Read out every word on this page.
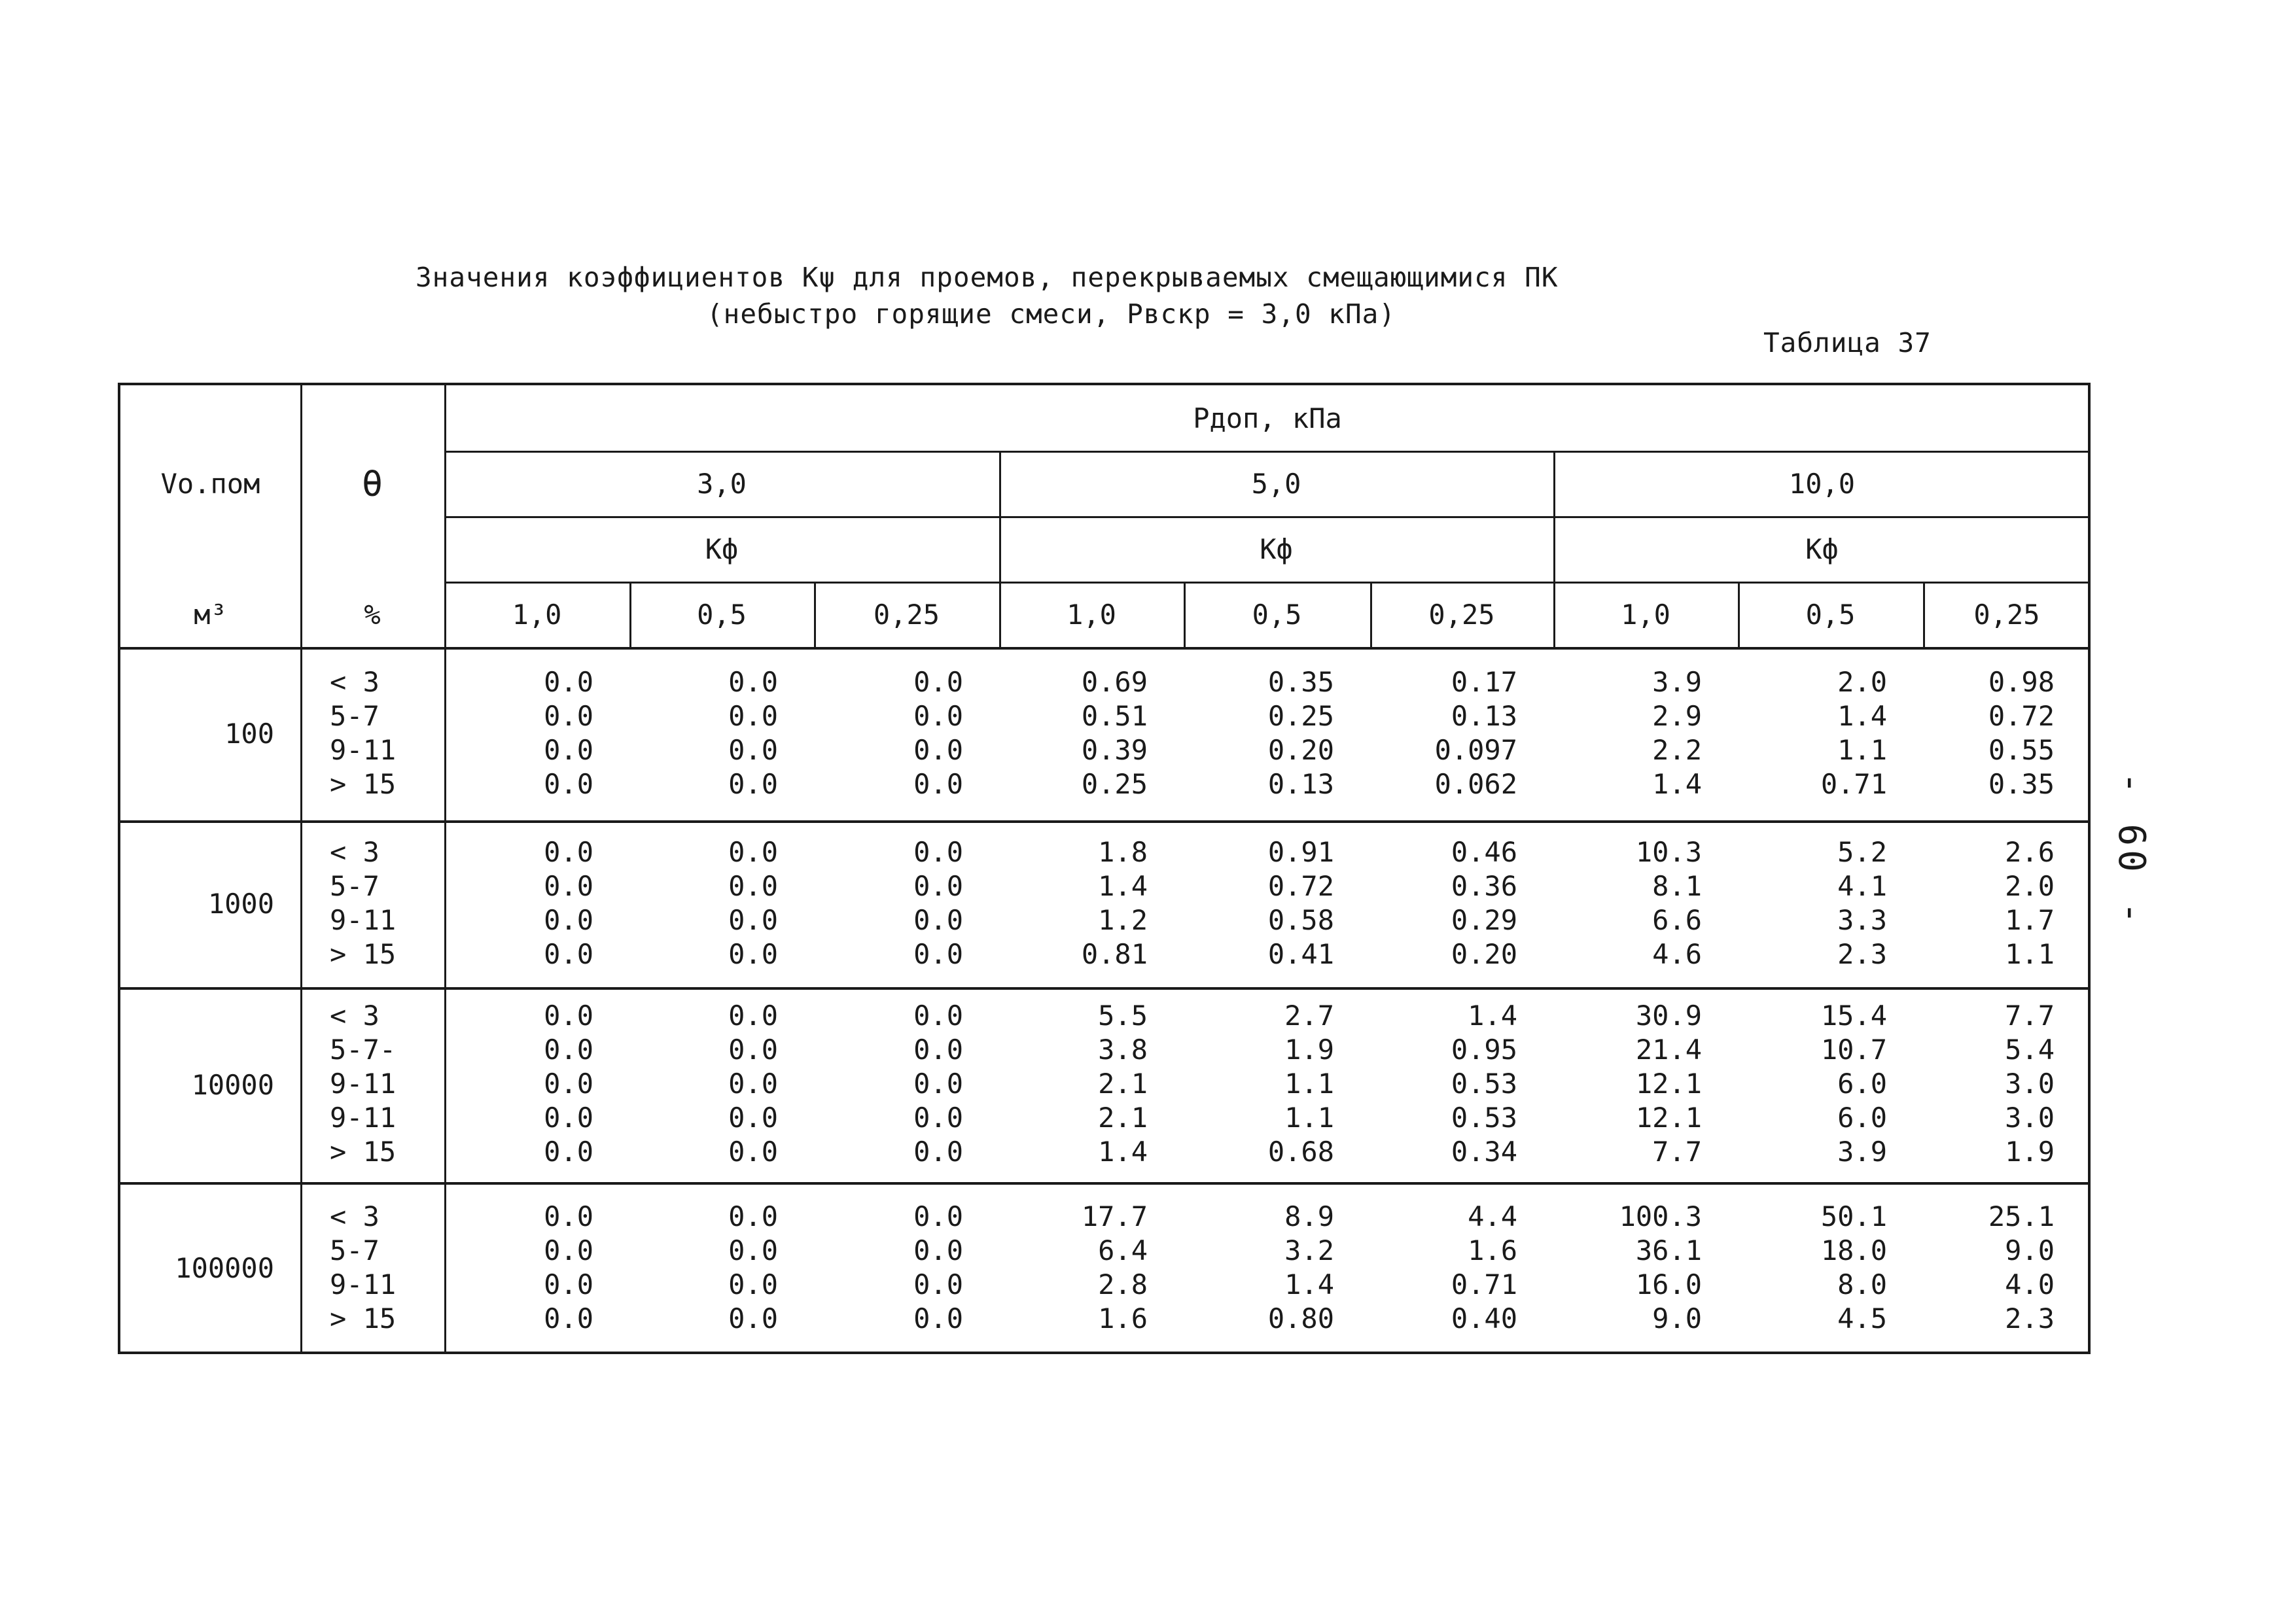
Значения коэффициентов Kψ для проемов, перекрываемых смещающимися ПК
(небыстро горящие смеси, Pвскр = 3,0 кПа)
Таблица 37
Vо.пом
м³
θ
%
Pдоп, кПа
3,0
Kф
5,0
Kф
10,0
Kф
1,0	0,5	0,25	1,0	0,5	0,25	1,0	0,5	0,25
100
< 3	0.0	0.0	0.0	0.69	0.35	0.17	3.9	2.0	0.98
5-7	0.0	0.0	0.0	0.51	0.25	0.13	2.9	1.4	0.72
9-11	0.0	0.0	0.0	0.39	0.20	0.097	2.2	1.1	0.55
> 15	0.0	0.0	0.0	0.25	0.13	0.062	1.4	0.71	0.35
1000
< 3	0.0	0.0	0.0	1.8	0.91	0.46	10.3	5.2	2.6
5-7	0.0	0.0	0.0	1.4	0.72	0.36	8.1	4.1	2.0
9-11	0.0	0.0	0.0	1.2	0.58	0.29	6.6	3.3	1.7
> 15	0.0	0.0	0.0	0.81	0.41	0.20	4.6	2.3	1.1
10000
< 3	0.0	0.0	0.0	5.5	2.7	1.4	30.9	15.4	7.7
5-7-	0.0	0.0	0.0	3.8	1.9	0.95	21.4	10.7	5.4
9-11	0.0	0.0	0.0	2.1	1.1	0.53	12.1	6.0	3.0
9-11	0.0	0.0	0.0	2.1	1.1	0.53	12.1	6.0	3.0
> 15	0.0	0.0	0.0	1.4	0.68	0.34	7.7	3.9	1.9
100000
< 3	0.0	0.0	0.0	17.7	8.9	4.4	100.3	50.1	25.1
5-7	0.0	0.0	0.0	6.4	3.2	1.6	36.1	18.0	9.0
9-11	0.0	0.0	0.0	2.8	1.4	0.71	16.0	8.0	4.0
> 15	0.0	0.0	0.0	1.6	0.80	0.40	9.0	4.5	2.3
- 60 -
